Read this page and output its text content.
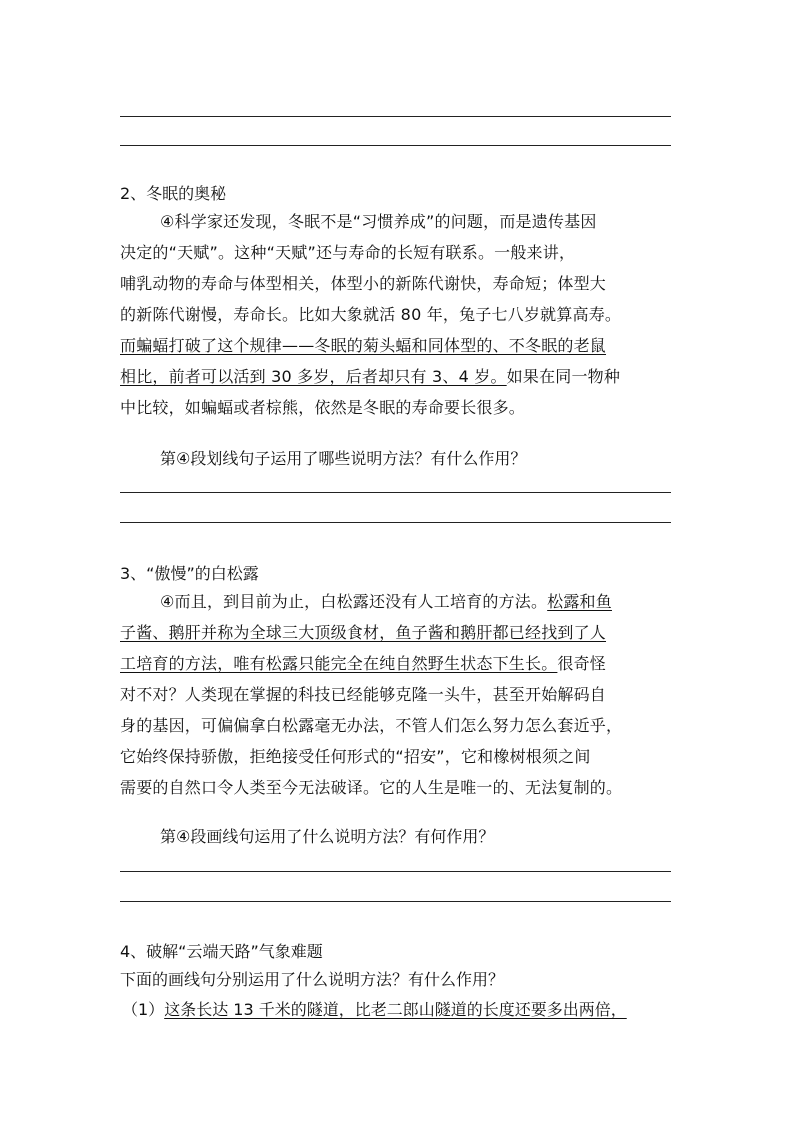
2、冬眠的奥秘
④科学家还发现，冬眠不是“习惯养成”的问题，而是遗传基因
决定的“天赋”。这种“天赋”还与寿命的长短有联系。一般来讲，
哺乳动物的寿命与体型相关，体型小的新陈代谢快，寿命短；体型大
的新陈代谢慢，寿命长。比如大象就活 80 年，兔子七八岁就算高寿。
而蝙蝠打破了这个规律——冬眠的菊头蝠和同体型的、不冬眠的老鼠
相比，前者可以活到 30 多岁，后者却只有 3、4 岁。如果在同一物种
中比较，如蝙蝠或者棕熊，依然是冬眠的寿命要长很多。
第④段划线句子运用了哪些说明方法？有什么作用？
3、“傲慢”的白松露
④而且，到目前为止，白松露还没有人工培育的方法。松露和鱼
子酱、鹅肝并称为全球三大顶级食材，鱼子酱和鹅肝都已经找到了人
工培育的方法，唯有松露只能完全在纯自然野生状态下生长。很奇怪
对不对？人类现在掌握的科技已经能够克隆一头牛，甚至开始解码自
身的基因，可偏偏拿白松露毫无办法，不管人们怎么努力怎么套近乎，
它始终保持骄傲，拒绝接受任何形式的“招安”，它和橡树根须之间
需要的自然口令人类至今无法破译。它的人生是唯一的、无法复制的。
第④段画线句运用了什么说明方法？有何作用？
4、破解“云端天路”气象难题
下面的画线句分别运用了什么说明方法？有什么作用？
（1）这条长达 13 千米的隧道，比老二郎山隧道的长度还要多出两倍，
